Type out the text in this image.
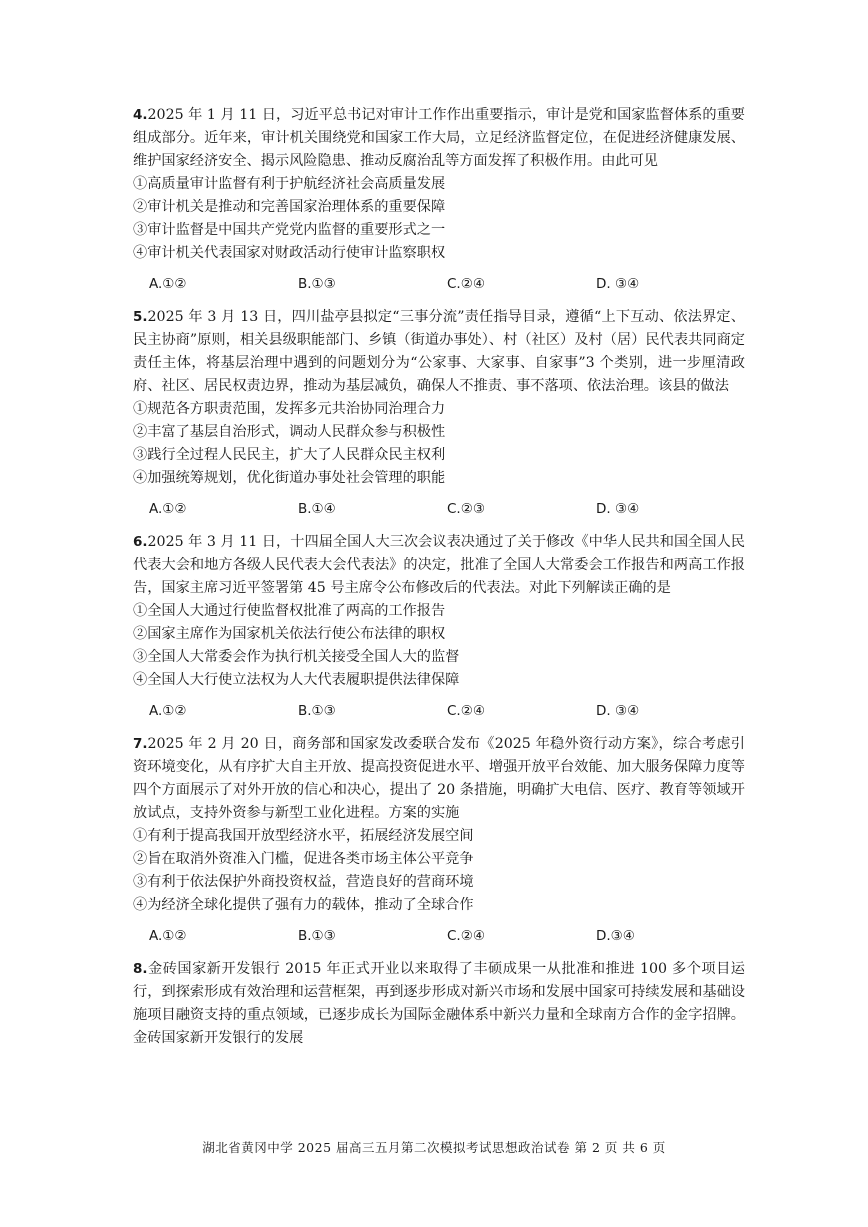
4.2025 年 1 月 11 日，习近平总书记对审计工作作出重要指示，审计是党和国家监督体系的重要组成部分。近年来，审计机关围绕党和国家工作大局，立足经济监督定位，在促进经济健康发展、维护国家经济安全、揭示风险隐患、推动反腐治乱等方面发挥了积极作用。由此可见
①高质量审计监督有利于护航经济社会高质量发展
②审计机关是推动和完善国家治理体系的重要保障
③审计监督是中国共产党党内监督的重要形式之一
④审计机关代表国家对财政活动行使审计监察职权
A.①②	B.①③	C.②④	D. ③④
5.2025 年 3 月 13 日，四川盐亭县拟定“三事分流”责任指导目录，遵循“上下互动、依法界定、民主协商”原则，相关县级职能部门、乡镇（街道办事处）、村（社区）及村（居）民代表共同商定责任主体，将基层治理中遇到的问题划分为“公家事、大家事、自家事”3 个类别，进一步厘清政府、社区、居民权责边界，推动为基层减负，确保人不推责、事不落项、依法治理。该县的做法
①规范各方职责范围，发挥多元共治协同治理合力
②丰富了基层自治形式，调动人民群众参与积极性
③践行全过程人民民主，扩大了人民群众民主权利
④加强统筹规划，优化街道办事处社会管理的职能
A.①②	B.①④	C.②③	D. ③④
6.2025 年 3 月 11 日，十四届全国人大三次会议表决通过了关于修改《中华人民共和国全国人民代表大会和地方各级人民代表大会代表法》的决定，批准了全国人大常委会工作报告和两高工作报告，国家主席习近平签署第 45 号主席令公布修改后的代表法。对此下列解读正确的是
①全国人大通过行使监督权批准了两高的工作报告
②国家主席作为国家机关依法行使公布法律的职权
③全国人大常委会作为执行机关接受全国人大的监督
④全国人大行使立法权为人大代表履职提供法律保障
A.①②	B.①③	C.②④	D. ③④
7.2025 年 2 月 20 日，商务部和国家发改委联合发布《2025 年稳外资行动方案》，综合考虑引资环境变化，从有序扩大自主开放、提高投资促进水平、增强开放平台效能、加大服务保障力度等四个方面展示了对外开放的信心和决心，提出了 20 条措施，明确扩大电信、医疗、教育等领域开放试点，支持外资参与新型工业化进程。方案的实施
①有利于提高我国开放型经济水平，拓展经济发展空间
②旨在取消外资准入门槛，促进各类市场主体公平竞争
③有利于依法保护外商投资权益，营造良好的营商环境
④为经济全球化提供了强有力的载体，推动了全球合作
A.①②	B.①③	C.②④	D.③④
8.金砖国家新开发银行 2015 年正式开业以来取得了丰硕成果一从批准和推进 100 多个项目运行，到探索形成有效治理和运营框架，再到逐步形成对新兴市场和发展中国家可持续发展和基础设施项目融资支持的重点领域，已逐步成长为国际金融体系中新兴力量和全球南方合作的金字招牌。金砖国家新开发银行的发展
湖北省黄冈中学 2025 届高三五月第二次模拟考试思想政治试卷 第 2 页 共 6 页
